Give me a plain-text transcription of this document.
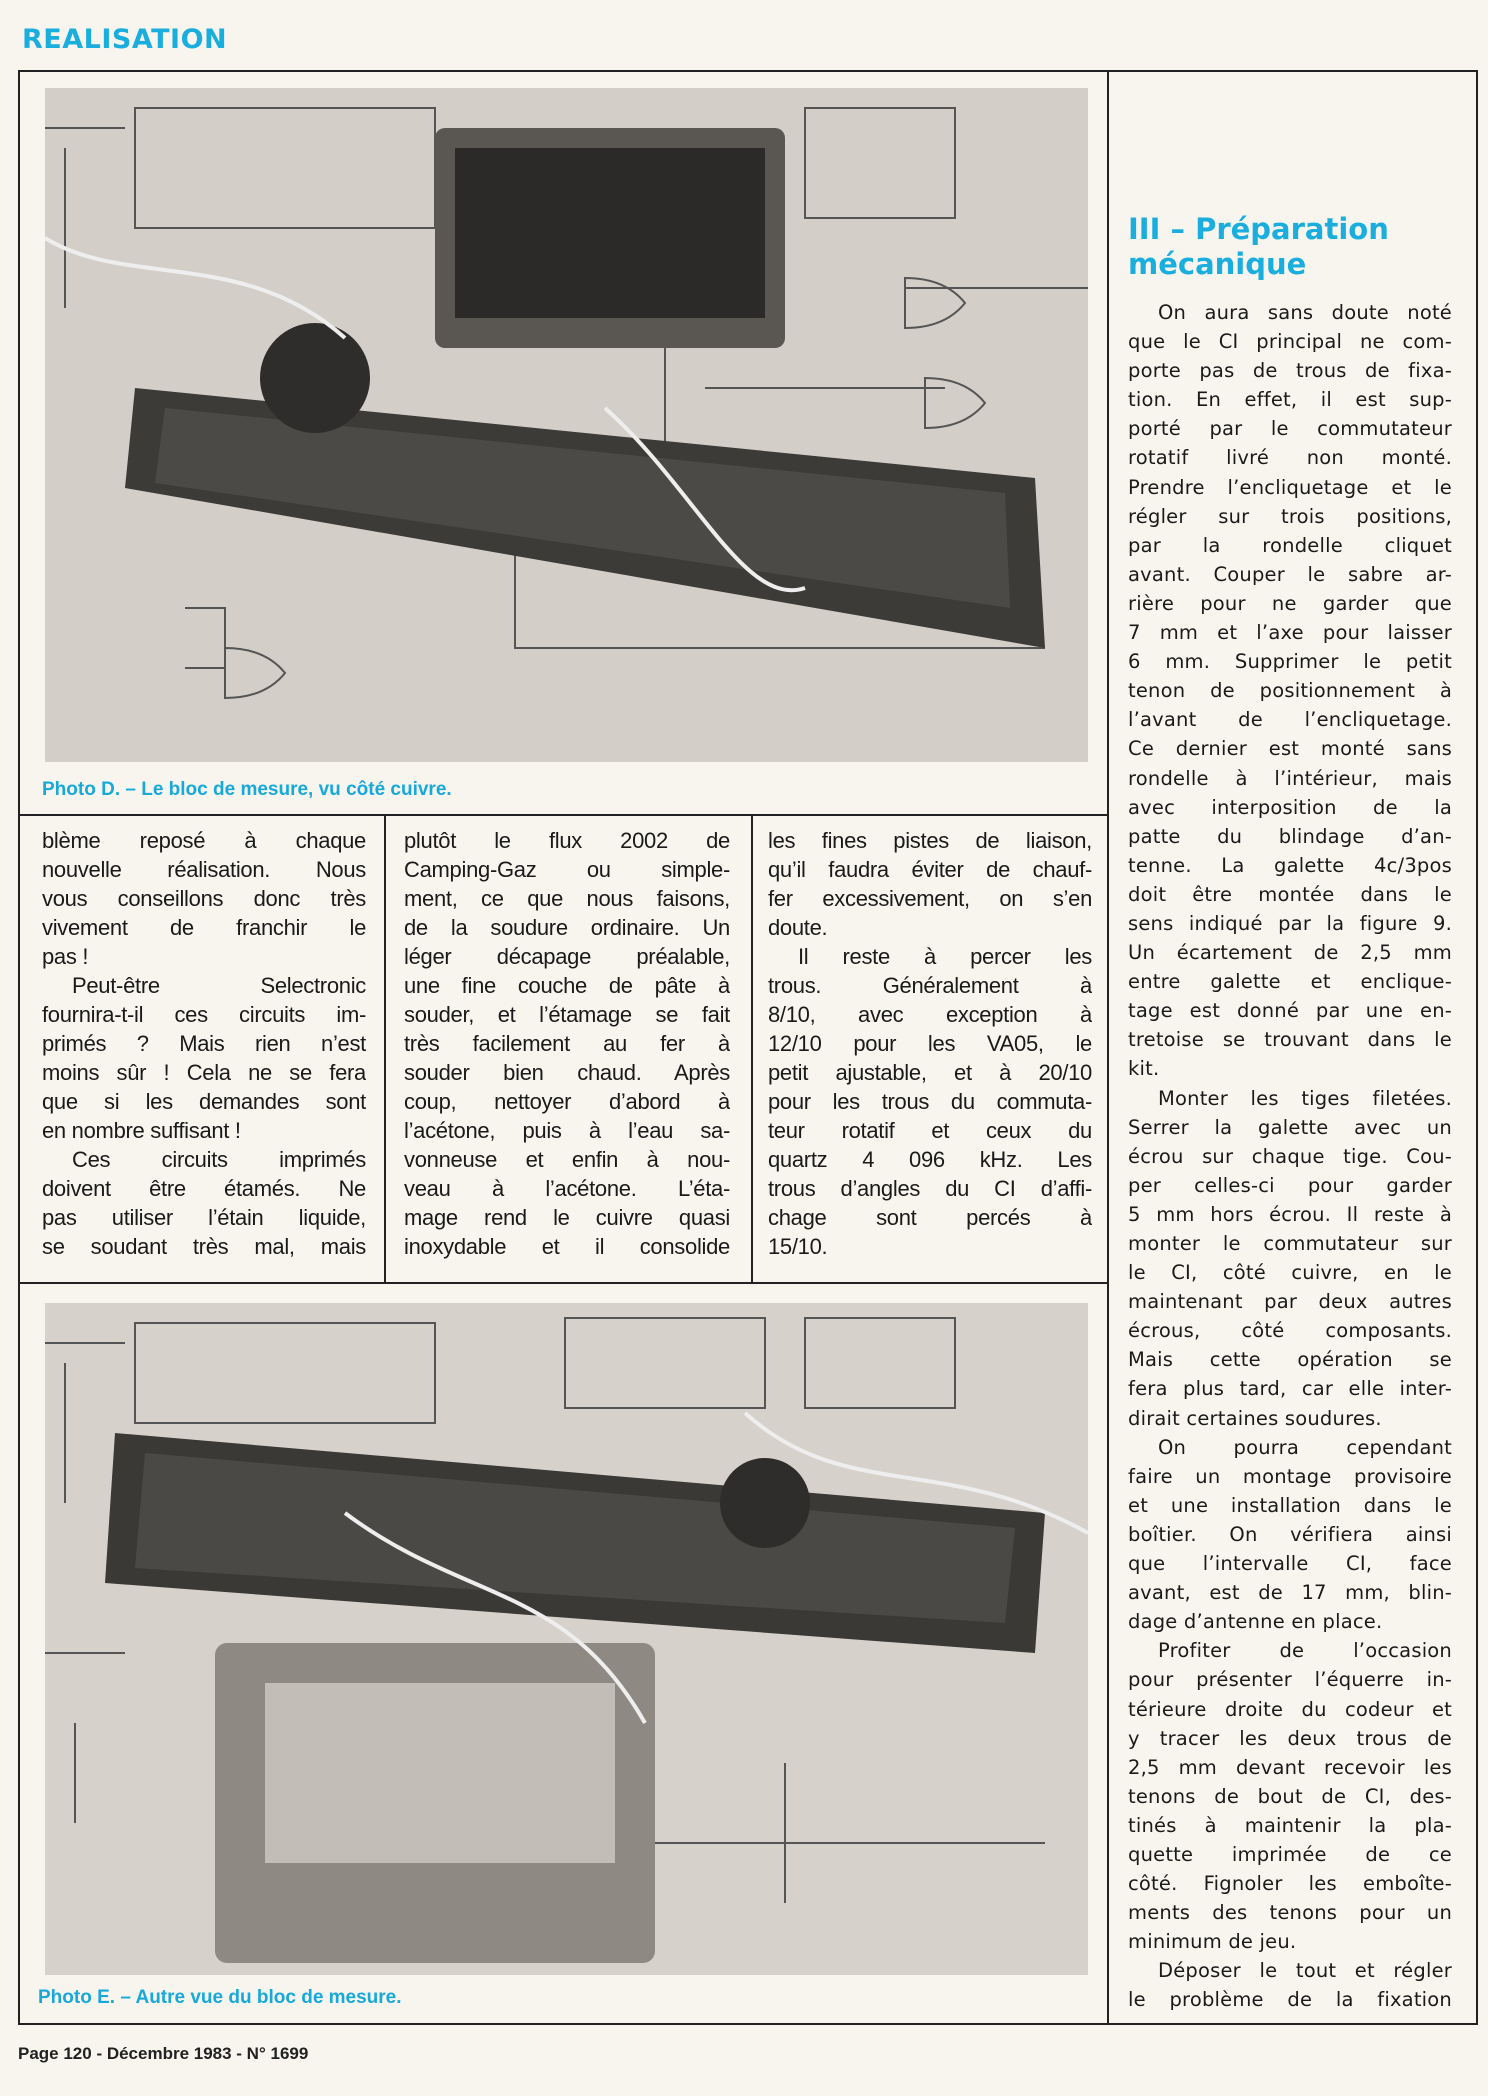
REALISATION
Photo D. – Le bloc de mesure, vu côté cuivre.
blème reposé à chaque
nouvelle réalisation. Nous
vous conseillons donc très
vivement de franchir le
pas !
Peut-être Selectronic
fournira-t-il ces circuits im-
primés ? Mais rien n’est
moins sûr ! Cela ne se fera
que si les demandes sont
en nombre suffisant !
Ces circuits imprimés
doivent être étamés. Ne
pas utiliser l’étain liquide,
se soudant très mal, mais
plutôt le flux 2002 de
Camping-Gaz ou simple-
ment, ce que nous faisons,
de la soudure ordinaire. Un
léger décapage préalable,
une fine couche de pâte à
souder, et l’étamage se fait
très facilement au fer à
souder bien chaud. Après
coup, nettoyer d’abord à
l’acétone, puis à l’eau sa-
vonneuse et enfin à nou-
veau à l’acétone. L’éta-
mage rend le cuivre quasi
inoxydable et il consolide
les fines pistes de liaison,
qu’il faudra éviter de chauf-
fer excessivement, on s’en
doute.
Il reste à percer les
trous. Généralement à
8/10, avec exception à
12/10 pour les VA05, le
petit ajustable, et à 20/10
pour les trous du commuta-
teur rotatif et ceux du
quartz 4 096 kHz. Les
trous d’angles du CI d’affi-
chage sont percés à
15/10.
Photo E. – Autre vue du bloc de mesure.
III – Préparation
mécanique
On aura sans doute noté
que le CI principal ne com-
porte pas de trous de fixa-
tion. En effet, il est sup-
porté par le commutateur
rotatif livré non monté.
Prendre l’encliquetage et le
régler sur trois positions,
par la rondelle cliquet
avant. Couper le sabre ar-
rière pour ne garder que
7 mm et l’axe pour laisser
6 mm. Supprimer le petit
tenon de positionnement à
l’avant de l’encliquetage.
Ce dernier est monté sans
rondelle à l’intérieur, mais
avec interposition de la
patte du blindage d’an-
tenne. La galette 4c/3pos
doit être montée dans le
sens indiqué par la figure 9.
Un écartement de 2,5 mm
entre galette et enclique-
tage est donné par une en-
tretoise se trouvant dans le
kit.
Monter les tiges filetées.
Serrer la galette avec un
écrou sur chaque tige. Cou-
per celles-ci pour garder
5 mm hors écrou. Il reste à
monter le commutateur sur
le CI, côté cuivre, en le
maintenant par deux autres
écrous, côté composants.
Mais cette opération se
fera plus tard, car elle inter-
dirait certaines soudures.
On pourra cependant
faire un montage provisoire
et une installation dans le
boîtier. On vérifiera ainsi
que l’intervalle CI, face
avant, est de 17 mm, blin-
dage d’antenne en place.
Profiter de l’occasion
pour présenter l’équerre in-
térieure droite du codeur et
y tracer les deux trous de
2,5 mm devant recevoir les
tenons de bout de CI, des-
tinés à maintenir la pla-
quette imprimée de ce
côté. Fignoler les emboîte-
ments des tenons pour un
minimum de jeu.
Déposer le tout et régler
le problème de la fixation
Page 120 - Décembre 1983 - N° 1699
